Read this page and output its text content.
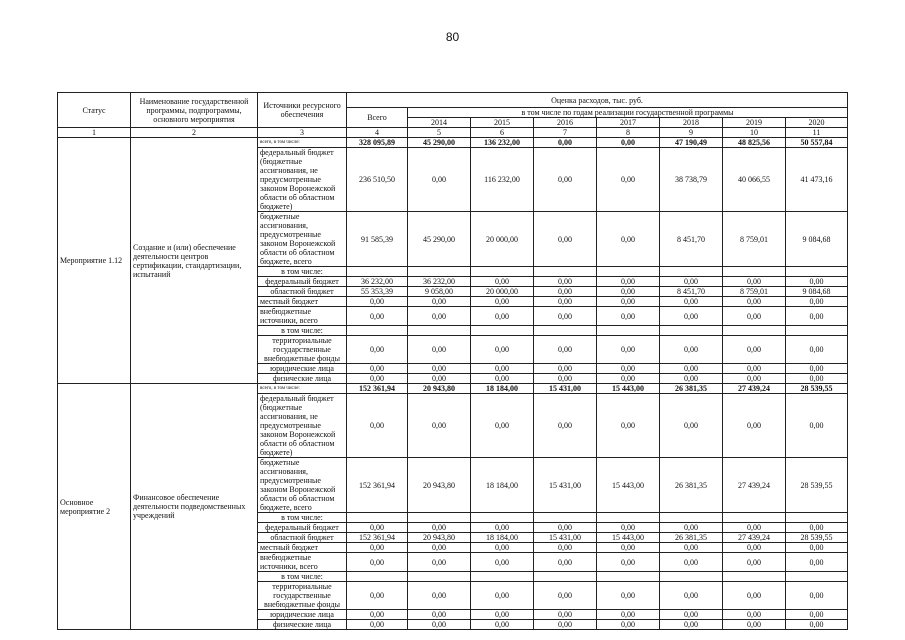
80
Статус	Наименование государственной программы, подпрограммы, основного мероприятия	Источники ресурсного обеспечения	Оценка расходов, тыс. руб.							
			Всего	в том числе по годам реализации государственной программы						
				2014	2015	2016	2017	2018	2019	2020
1	2	3	4	5	6	7	8	9	10	11
Мероприятие 1.12	Создание и (или) обеспечение деятельности центров сертификации, стандартизации, испытаний	всего, в том числе:	328 095,89	45 290,00	136 232,00	0,00	0,00	47 190,49	48 825,56	50 557,84
		федеральный бюджет (бюджетные ассигнования, не предусмотренные законом Воронежской области об областном бюджете)	236 510,50	0,00	116 232,00	0,00	0,00	38 738,79	40 066,55	41 473,16
		бюджетные ассигнования, предусмотренные законом Воронежской области об областном бюджете, всего	91 585,39	45 290,00	20 000,00	0,00	0,00	8 451,70	8 759,01	9 084,68
		в том числе:								
		федеральный бюджет	36 232,00	36 232,00	0,00	0,00	0,00	0,00	0,00	0,00
		областной бюджет	55 353,39	9 058,00	20 000,00	0,00	0,00	8 451,70	8 759,01	9 084,68
		местный бюджет	0,00	0,00	0,00	0,00	0,00	0,00	0,00	0,00
		внебюджетные источники, всего	0,00	0,00	0,00	0,00	0,00	0,00	0,00	0,00
		в том числе:								
		территориальные государственные внебюджетные фонды	0,00	0,00	0,00	0,00	0,00	0,00	0,00	0,00
		юридические лица	0,00	0,00	0,00	0,00	0,00	0,00	0,00	0,00
		физические лица	0,00	0,00	0,00	0,00	0,00	0,00	0,00	0,00
Основное мероприятие 2	Финансовое обеспечение деятельности подведомственных учреждений	всего, в том числе:	152 361,94	20 943,80	18 184,00	15 431,00	15 443,00	26 381,35	27 439,24	28 539,55
		федеральный бюджет (бюджетные ассигнования, не предусмотренные законом Воронежской области об областном бюджете)	0,00	0,00	0,00	0,00	0,00	0,00	0,00	0,00
		бюджетные ассигнования, предусмотренные законом Воронежской области об областном бюджете, всего	152 361,94	20 943,80	18 184,00	15 431,00	15 443,00	26 381,35	27 439,24	28 539,55
		в том числе:								
		федеральный бюджет	0,00	0,00	0,00	0,00	0,00	0,00	0,00	0,00
		областной бюджет	152 361,94	20 943,80	18 184,00	15 431,00	15 443,00	26 381,35	27 439,24	28 539,55
		местный бюджет	0,00	0,00	0,00	0,00	0,00	0,00	0,00	0,00
		внебюджетные источники, всего	0,00	0,00	0,00	0,00	0,00	0,00	0,00	0,00
		в том числе:								
		территориальные государственные внебюджетные фонды	0,00	0,00	0,00	0,00	0,00	0,00	0,00	0,00
		юридические лица	0,00	0,00	0,00	0,00	0,00	0,00	0,00	0,00
		физические лица	0,00	0,00	0,00	0,00	0,00	0,00	0,00	0,00
